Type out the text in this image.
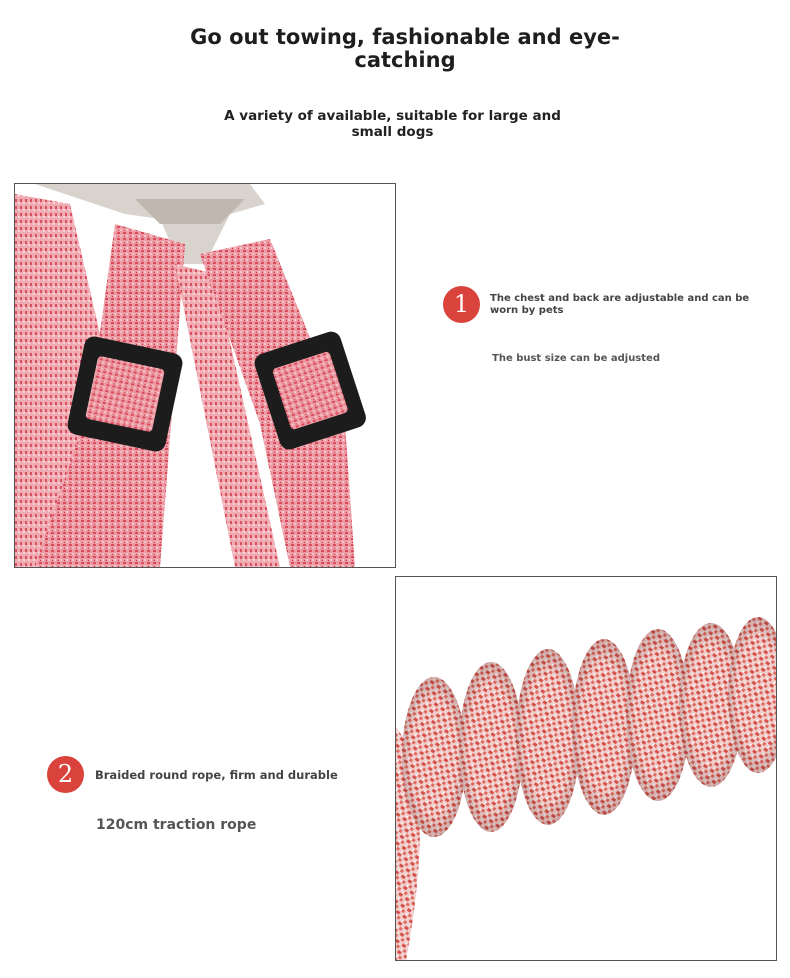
Go out towing, fashionable and eye-catching
A variety of available, suitable for large and small dogs
1	The chest and back are adjustable and can be worn by pets
The bust size can be adjusted
2	Braided round rope, firm and durable
120cm traction rope
